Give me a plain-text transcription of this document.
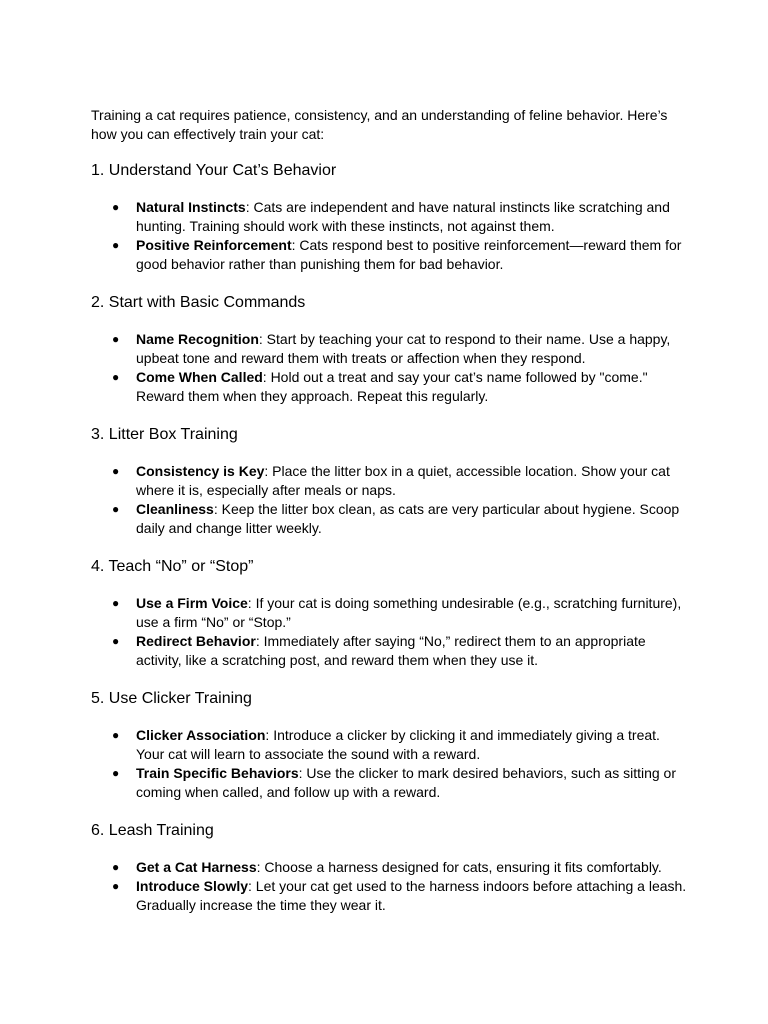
Training a cat requires patience, consistency, and an understanding of feline behavior. Here’s how you can effectively train your cat:

1. Understand Your Cat’s Behavior
● Natural Instincts: Cats are independent and have natural instincts like scratching and hunting. Training should work with these instincts, not against them.
● Positive Reinforcement: Cats respond best to positive reinforcement—reward them for good behavior rather than punishing them for bad behavior.
2. Start with Basic Commands
● Name Recognition: Start by teaching your cat to respond to their name. Use a happy, upbeat tone and reward them with treats or affection when they respond.
● Come When Called: Hold out a treat and say your cat’s name followed by "come." Reward them when they approach. Repeat this regularly.
3. Litter Box Training
● Consistency is Key: Place the litter box in a quiet, accessible location. Show your cat where it is, especially after meals or naps.
● Cleanliness: Keep the litter box clean, as cats are very particular about hygiene. Scoop daily and change litter weekly.
4. Teach “No” or “Stop”
● Use a Firm Voice: If your cat is doing something undesirable (e.g., scratching furniture), use a firm “No” or “Stop.”
● Redirect Behavior: Immediately after saying “No,” redirect them to an appropriate activity, like a scratching post, and reward them when they use it.
5. Use Clicker Training
● Clicker Association: Introduce a clicker by clicking it and immediately giving a treat. Your cat will learn to associate the sound with a reward.
● Train Specific Behaviors: Use the clicker to mark desired behaviors, such as sitting or coming when called, and follow up with a reward.
6. Leash Training
● Get a Cat Harness: Choose a harness designed for cats, ensuring it fits comfortably.
● Introduce Slowly: Let your cat get used to the harness indoors before attaching a leash. Gradually increase the time they wear it.
